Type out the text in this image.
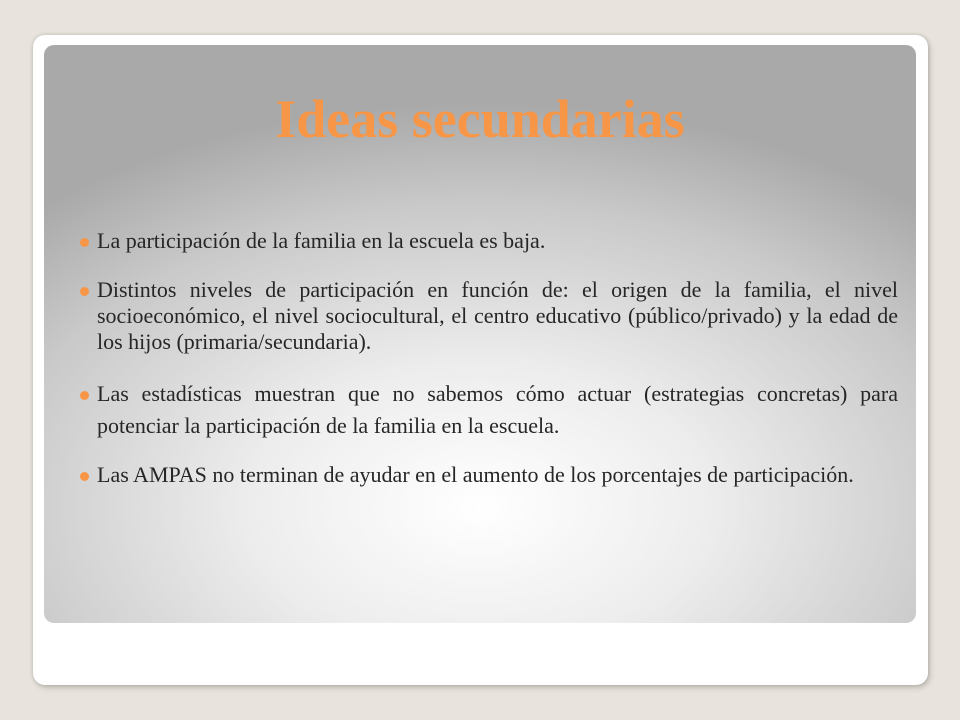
Ideas secundarias
La participación de la familia en la escuela es baja.
Distintos niveles de participación en función de: el origen de la familia, el nivel socioeconómico, el nivel sociocultural, el centro educativo (público/privado) y la edad de los hijos (primaria/secundaria).
Las estadísticas muestran que no sabemos cómo actuar (estrategias concretas) para potenciar la participación de la familia en la escuela.
Las AMPAS no terminan de ayudar en el aumento de los porcentajes de participación.
